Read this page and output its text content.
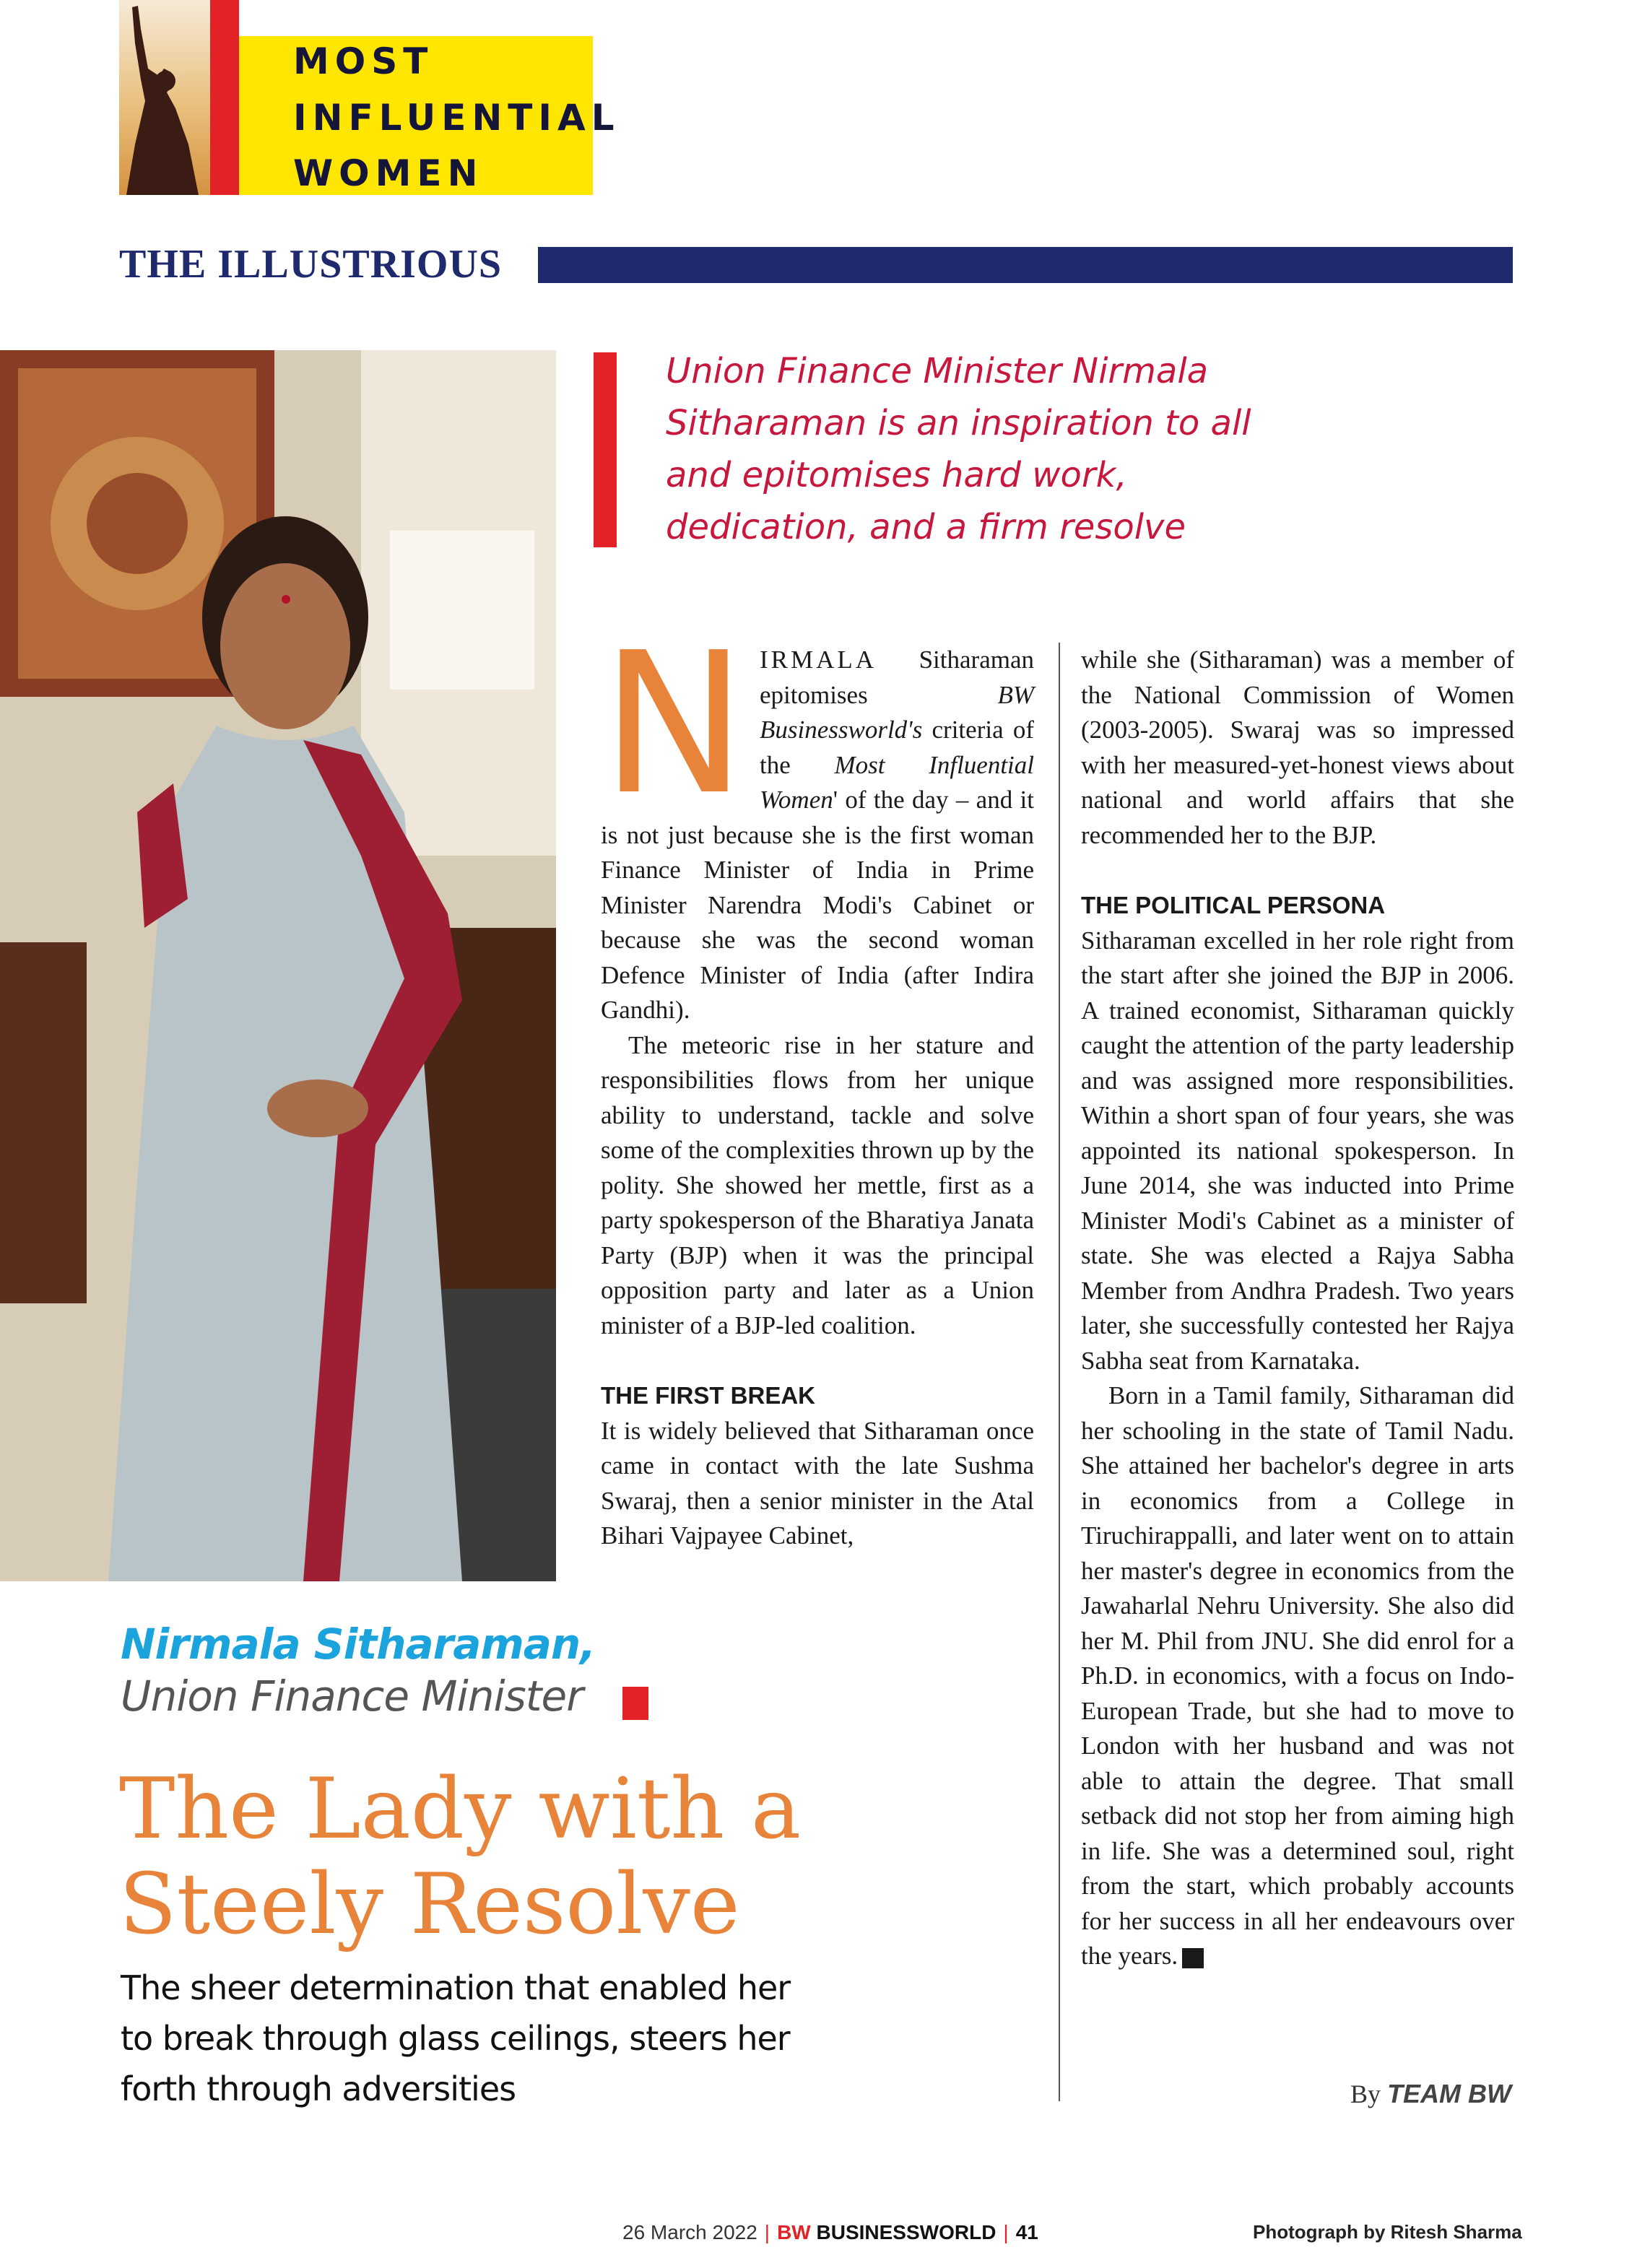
MOST
INFLUENTIAL
WOMEN
THE ILLUSTRIOUS
Union Finance Minister Nirmala Sitharaman is an inspiration to all and epitomises hard work, dedication, and a firm resolve

NIRMALA Sitharaman epitomises BW Businessworld's criteria of the Most Influential Women' of the day – and it is not just because she is the first woman Finance Minister of India in Prime Minister Narendra Modi's Cabinet or because she was the second woman Defence Minister of India (after Indira Gandhi).

The meteoric rise in her stature and responsibilities flows from her unique ability to understand, tackle and solve some of the complexities thrown up by the polity. She showed her mettle, first as a party spokesperson of the Bharatiya Janata Party (BJP) when it was the principal opposition party and later as a Union minister of a BJP-led coalition.

THE FIRST BREAK

It is widely believed that Sitharaman once came in contact with the late Sushma Swaraj, then a senior minister in the Atal Bihari Vajpayee Cabinet,

while she (Sitharaman) was a member of the National Commission of Women (2003-2005). Swaraj was so impressed with her measured-yet-honest views about national and world affairs that she recommended her to the BJP.

THE POLITICAL PERSONA

Sitharaman excelled in her role right from the start after she joined the BJP in 2006. A trained economist, Sitharaman quickly caught the attention of the party leadership and was assigned more responsibilities. Within a short span of four years, she was appointed its national spokesperson. In June 2014, she was inducted into Prime Minister Modi's Cabinet as a minister of state. She was elected a Rajya Sabha Member from Andhra Pradesh. Two years later, she successfully contested her Rajya Sabha seat from Karnataka.

Born in a Tamil family, Sitharaman did her schooling in the state of Tamil Nadu. She attained her bachelor's degree in arts in economics from a College in Tiruchirappalli, and later went on to attain her master's degree in economics from the Jawaharlal Nehru University. She also did her M. Phil from JNU. She did enrol for a Ph.D. in economics, with a focus on Indo-European Trade, but she had to move to London with her husband and was not able to attain the degree. That small setback did not stop her from aiming high in life. She was a determined soul, right from the start, which probably accounts for her success in all her endeavours over the years.	BW

Nirmala Sitharaman,
Union Finance Minister
The Lady with a Steely Resolve
The sheer determination that enabled her to break through glass ceilings, steers her forth through adversities	By TEAM BW
26 March 2022 | BW BUSINESSWORLD | 41	Photograph by Ritesh Sharma
